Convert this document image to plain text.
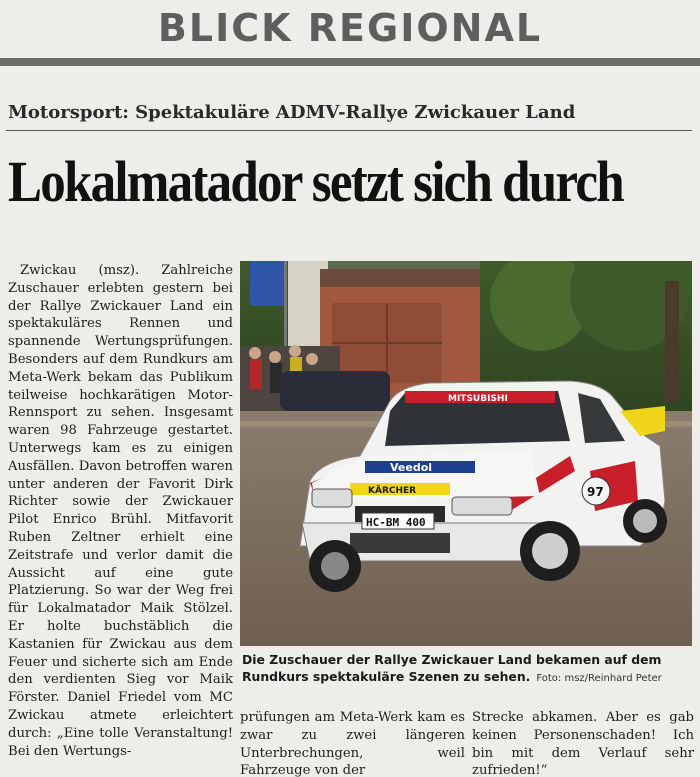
BLICK REGIONAL
Motorsport: Spektakuläre ADMV-Rallye Zwickauer Land
Lokalmatador setzt sich durch

Zwickau (msz). Zahlreiche Zuschauer erlebten gestern bei der Rallye Zwickauer Land ein spektakuläres Rennen und spannende Wertungsprüfungen. Besonders auf dem Rundkurs am Meta-Werk bekam das Publikum teilweise hochkarätigen Motor-Rennsport zu sehen. Insgesamt waren 98 Fahrzeuge gestartet. Unterwegs kam es zu einigen Ausfällen. Davon betroffen waren unter anderen der Favorit Dirk Richter sowie der Zwickauer Pilot Enrico Brühl. Mitfavorit Ruben Zeltner erhielt eine Zeitstrafe und verlor damit die Aussicht auf eine gute Platzierung. So war der Weg frei für Lokalmatador Maik Stölzel. Er holte buchstäblich die Kastanien für Zwickau aus dem Feuer und sicherte sich am Ende den verdienten Sieg vor Maik Förster. Daniel Friedel vom MC Zwickau atmete erleichtert durch: „Eine tolle Veranstaltung! Bei den Wertungs-

MITSUBISHI
Veedol
KÄRCHER
HC-BM 400
97
Die Zuschauer der Rallye Zwickauer Land bekamen auf dem Rundkurs spektakuläre Szenen zu sehen. Foto: msz/Reinhard Peter

prüfungen am Meta-Werk kam es zwar zu zwei längeren Unterbrechungen, weil Fahrzeuge von der

Strecke abkamen. Aber es gab keinen Personenschaden! Ich bin mit dem Verlauf sehr zufrieden!“
